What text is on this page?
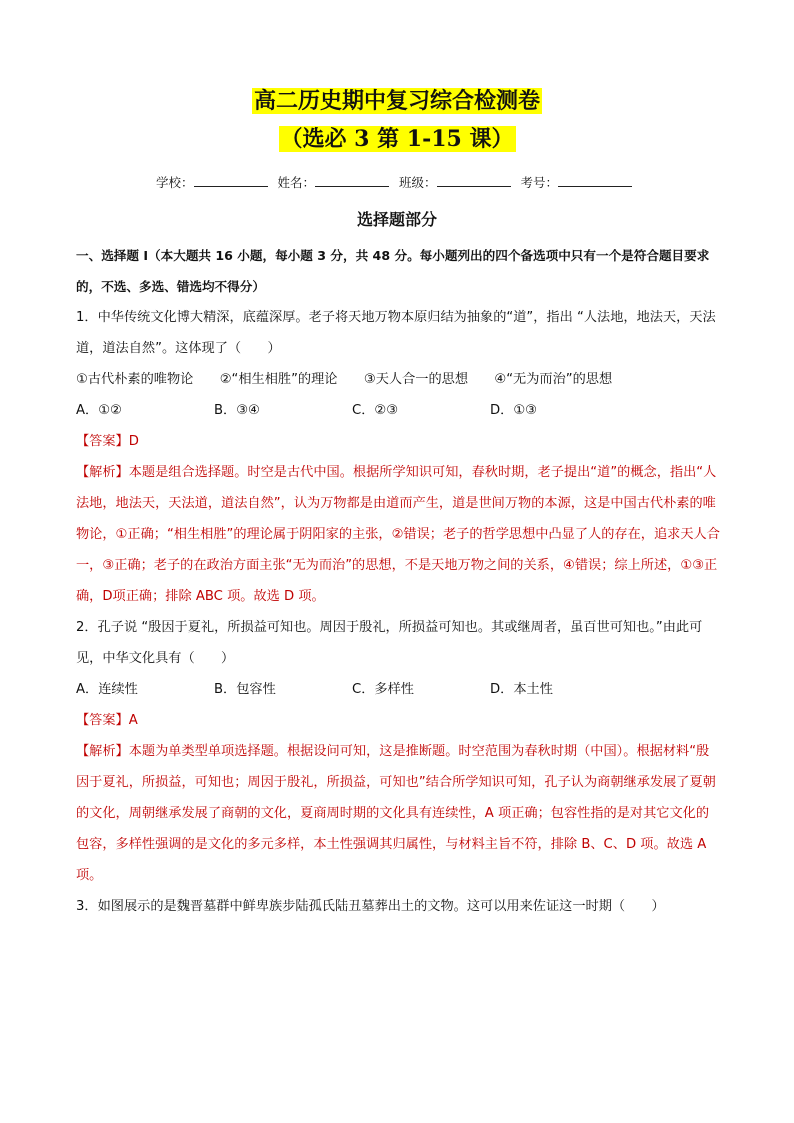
高二历史期中复习综合检测卷
（选必 3 第 1-15 课）
学校：	姓名：	班级：	考号：
选择题部分

一、选择题 I（本大题共 16 小题，每小题 3 分，共 48 分。每小题列出的四个备选项中只有一个是符合题目要求的，不选、多选、错选均不得分）

1．中华传统文化博大精深，底蕴深厚。老子将天地万物本原归结为抽象的“道”，指出 “人法地，地法天，天法道，道法自然”。这体现了（　　）

①古代朴素的唯物论　　②“相生相胜”的理论　　③天人合一的思想　　④“无为而治”的思想

A．①②	B．③④	C．②③	D．①③

【答案】D

【解析】本题是组合选择题。时空是古代中国。根据所学知识可知，春秋时期，老子提出“道”的概念，指出“人法地，地法天，天法道，道法自然”，认为万物都是由道而产生，道是世间万物的本源，这是中国古代朴素的唯物论，①正确；“相生相胜”的理论属于阴阳家的主张，②错误；老子的哲学思想中凸显了人的存在，追求天人合一，③正确；老子的在政治方面主张“无为而治”的思想，不是天地万物之间的关系，④错误；综上所述，①③正确，D项正确；排除 ABC 项。故选 D 项。

2．孔子说 “殷因于夏礼，所损益可知也。周因于殷礼，所损益可知也。其或继周者，虽百世可知也。”由此可见，中华文化具有（　　）

A．连续性	B．包容性	C．多样性	D．本土性

【答案】A

【解析】本题为单类型单项选择题。根据设问可知，这是推断题。时空范围为春秋时期（中国）。根据材料“殷因于夏礼，所损益，可知也；周因于殷礼，所损益，可知也”结合所学知识可知，孔子认为商朝继承发展了夏朝的文化，周朝继承发展了商朝的文化，夏商周时期的文化具有连续性，A 项正确；包容性指的是对其它文化的包容，多样性强调的是文化的多元多样，本土性强调其归属性，与材料主旨不符，排除 B、C、D 项。故选 A 项。

3．如图展示的是魏晋墓群中鲜卑族步陆孤氏陆丑墓葬出土的文物。这可以用来佐证这一时期（　　）
